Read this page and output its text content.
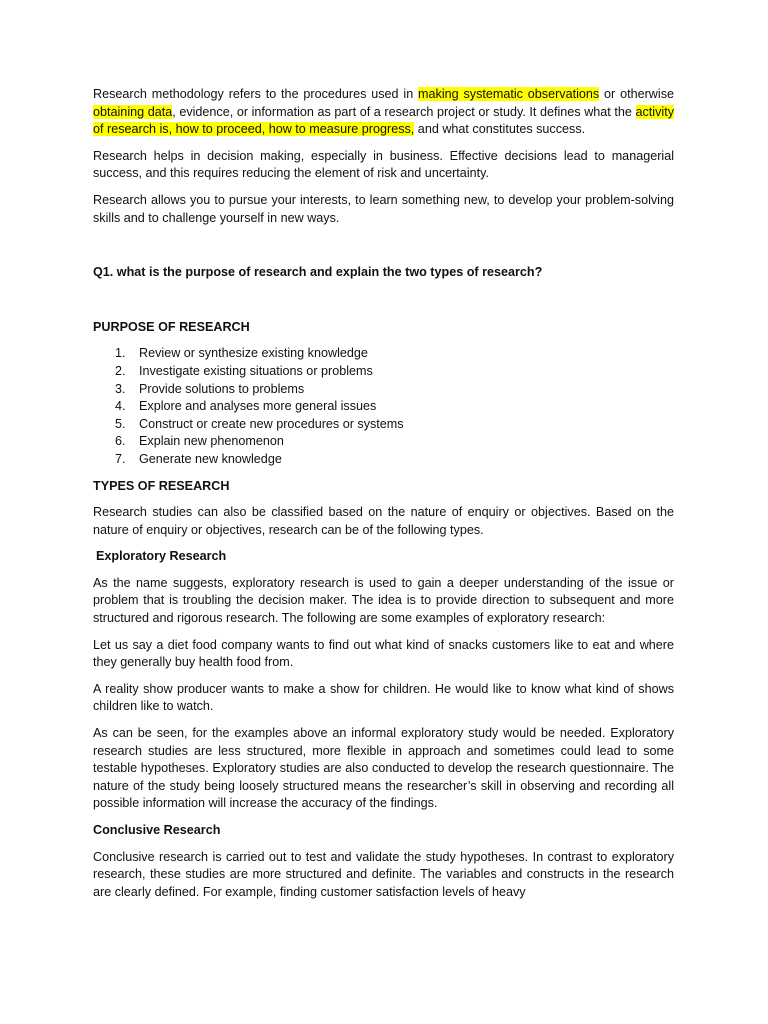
Research methodology refers to the procedures used in making systematic observations or otherwise obtaining data, evidence, or information as part of a research project or study. It defines what the activity of research is, how to proceed, how to measure progress, and what constitutes success.

Research helps in decision making, especially in business. Effective decisions lead to managerial success, and this requires reducing the element of risk and uncertainty.

Research allows you to pursue your interests, to learn something new, to develop your problem-solving skills and to challenge yourself in new ways.

Q1. what is the purpose of research and explain the two types of research?
PURPOSE OF RESEARCH
1. Review or synthesize existing knowledge
2. Investigate existing situations or problems
3. Provide solutions to problems
4. Explore and analyses more general issues
5. Construct or create new procedures or systems
6. Explain new phenomenon
7. Generate new knowledge
TYPES OF RESEARCH

Research studies can also be classified based on the nature of enquiry or objectives. Based on the nature of enquiry or objectives, research can be of the following types.

Exploratory Research

As the name suggests, exploratory research is used to gain a deeper understanding of the issue or problem that is troubling the decision maker. The idea is to provide direction to subsequent and more structured and rigorous research. The following are some examples of exploratory research:

Let us say a diet food company wants to find out what kind of snacks customers like to eat and where they generally buy health food from.

A reality show producer wants to make a show for children. He would like to know what kind of shows children like to watch.

As can be seen, for the examples above an informal exploratory study would be needed. Exploratory research studies are less structured, more flexible in approach and sometimes could lead to some testable hypotheses. Exploratory studies are also conducted to develop the research questionnaire. The nature of the study being loosely structured means the researcher’s skill in observing and recording all possible information will increase the accuracy of the findings.

Conclusive Research

Conclusive research is carried out to test and validate the study hypotheses. In contrast to exploratory research, these studies are more structured and definite. The variables and constructs in the research are clearly defined. For example, finding customer satisfaction levels of heavy
